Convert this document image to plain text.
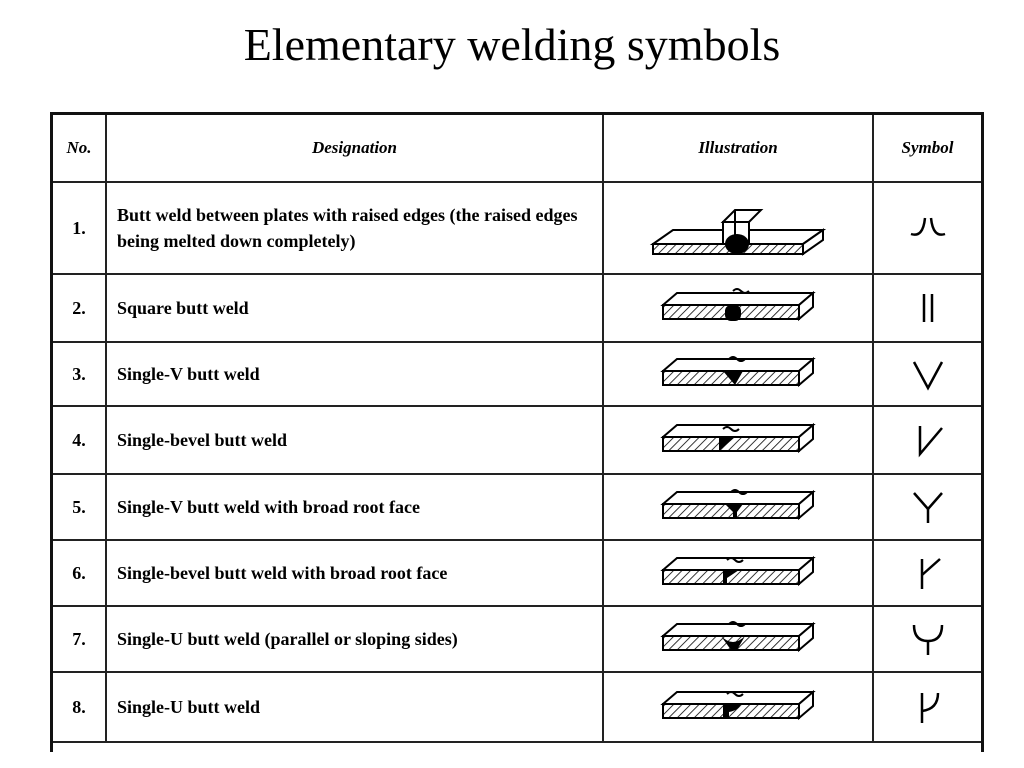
Elementary welding symbols
No.	Designation	Illustration	Symbol
1.	Butt weld between plates with raised edges (the raised edges being melted down completely)	

2.	Square butt weld	

3.	Single-V butt weld	

4.	Single-bevel butt weld	

5.	Single-V butt weld with broad root face	

6.	Single-bevel butt weld with broad root face	

7.	Single-U butt weld (parallel or sloping sides)	

8.	Single-U butt weld	
